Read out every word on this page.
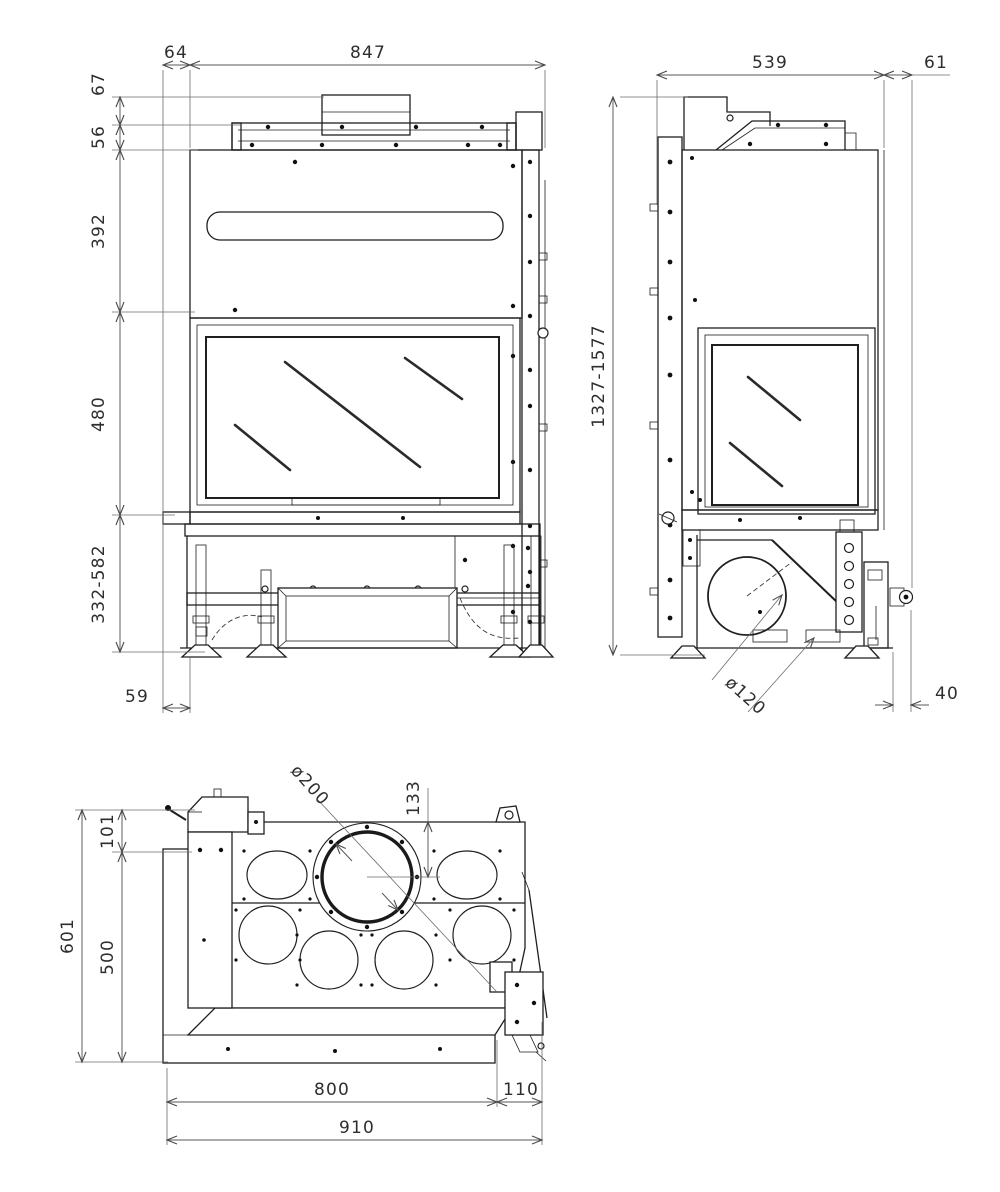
64	847
67
56
392
480
332-582
59
539	61
1327-1577
ø120	40
601
101
500
ø200	133
800	110
910
